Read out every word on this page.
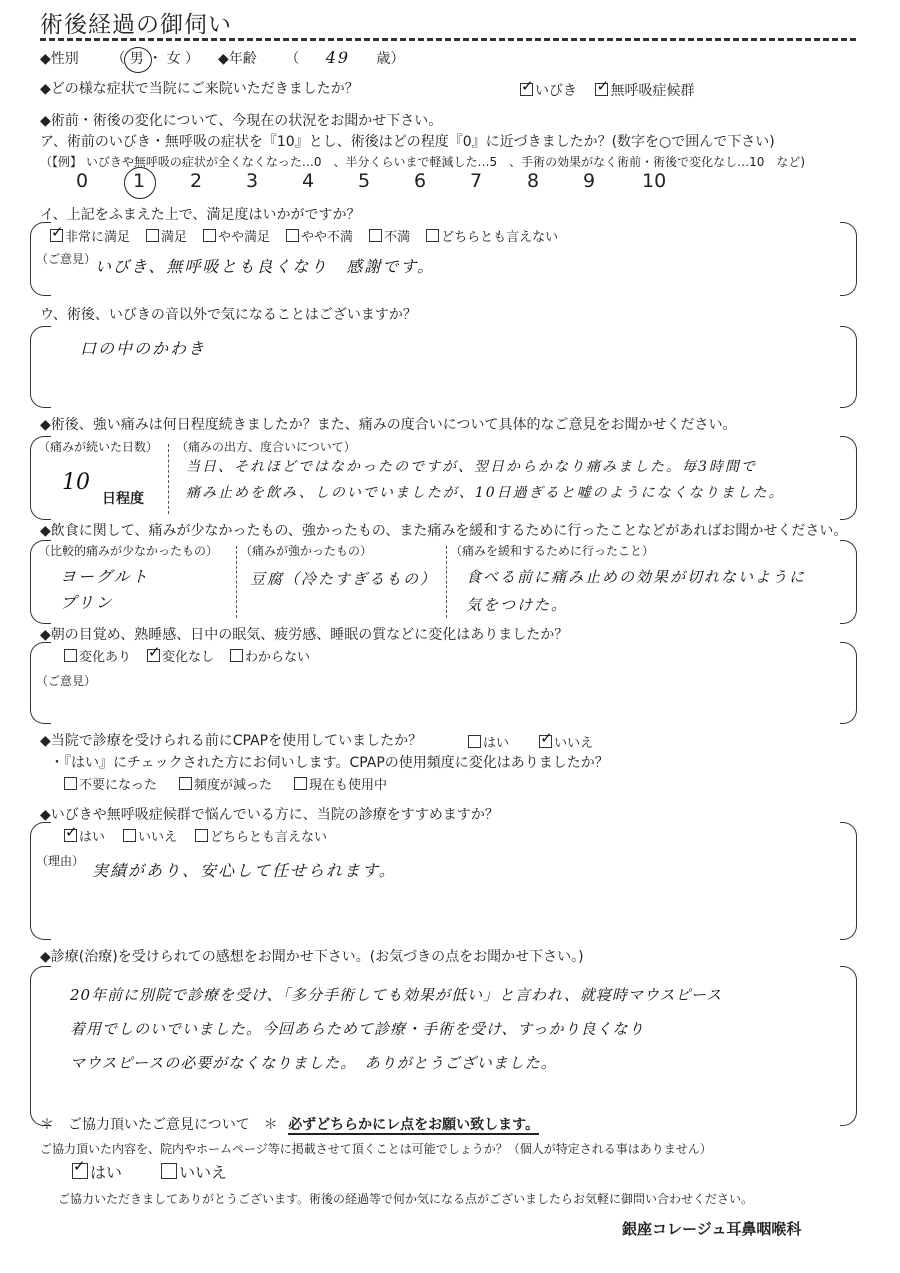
術後経過の御伺い
◆性別 （ 男 ・ 女 ） ◆年齢 （ 49 歳）
◆どの様な症状で当院にご来院いただきましたか？ ✓	いびき ✓ 無呼吸症候群
◆術前・術後の変化について、今現在の状況をお聞かせ下さい。
ア、術前のいびき・無呼吸の症状を『10』とし、術後はどの程度『0』に近づきましたか？(数字を○で囲んで下さい)
（【例】 いびきや無呼吸の症状が全くなくなった…0　、半分くらいまで軽減した…5　、手術の効果がなく術前・術後で変化なし…10　など)
0 1 2 3 4 5 6 7 8 9 10
イ、上記をふまえた上で、満足度はいかがですか？
✓非常に満足 満足 やや満足 やや不満 不満 どちらとも言えない
（ご意見）
いびき、無呼吸とも良くなり　感謝です。
ウ、術後、いびきの音以外で気になることはございますか？
口の中のかわき
◆術後、強い痛みは何日程度続きましたか？また、痛みの度合いについて具体的なご意見をお聞かせください。
（痛みが続いた日数）
10
日程度
（痛みの出方、度合いについて）
当日、それほどではなかったのですが、翌日からかなり痛みました。毎3時間で
痛み止めを飲み、しのいでいましたが、10日過ぎると嘘のようになくなりました。
◆飲食に関して、痛みが少なかったもの、強かったもの、また痛みを緩和するために行ったことなどがあればお聞かせください。
（比較的痛みが少なかったもの）
ヨーグルト
プリン
（痛みが強かったもの）
豆腐（冷たすぎるもの）
（痛みを緩和するために行ったこと）
食べる前に痛み止めの効果が切れないように
気をつけた。
◆朝の目覚め、熟睡感、日中の眠気、疲労感、睡眠の質などに変化はありましたか？
変化あり ✓ 変化なし わからない
（ご意見）
◆当院で診療を受けられる前にCPAPを使用していましたか？	はい ✓	いいえ
・『はい』にチェックされた方にお伺いします。CPAPの使用頻度に変化はありましたか？
不要になった	頻度が減った	現在も使用中
◆いびきや無呼吸症候群で悩んでいる方に、当院の診療をすすめますか？
✓はい	いいえ	どちらとも言えない
（理由） 実績があり、安心して任せられます。
◆診療(治療)を受けられての感想をお聞かせ下さい。(お気づきの点をお聞かせ下さい。)
20年前に別院で診療を受け、「多分手術しても効果が低い」と言われ、就寝時マウスピース
着用でしのいでいました。今回あらためて診療・手術を受け、すっかり良くなり
マウスピースの必要がなくなりました。　ありがとうございました。
＊　ご協力頂いたご意見について　＊ 必ずどちらかにレ点をお願い致します。
ご協力頂いた内容を、院内やホームページ等に掲載させて頂くことは可能でしょうか？（個人が特定される事はありません）
✓はい	いいえ
ご協力いただきましてありがとうございます。術後の経過等で何か気になる点がございましたらお気軽に御問い合わせください。
銀座コレージュ耳鼻咽喉科
